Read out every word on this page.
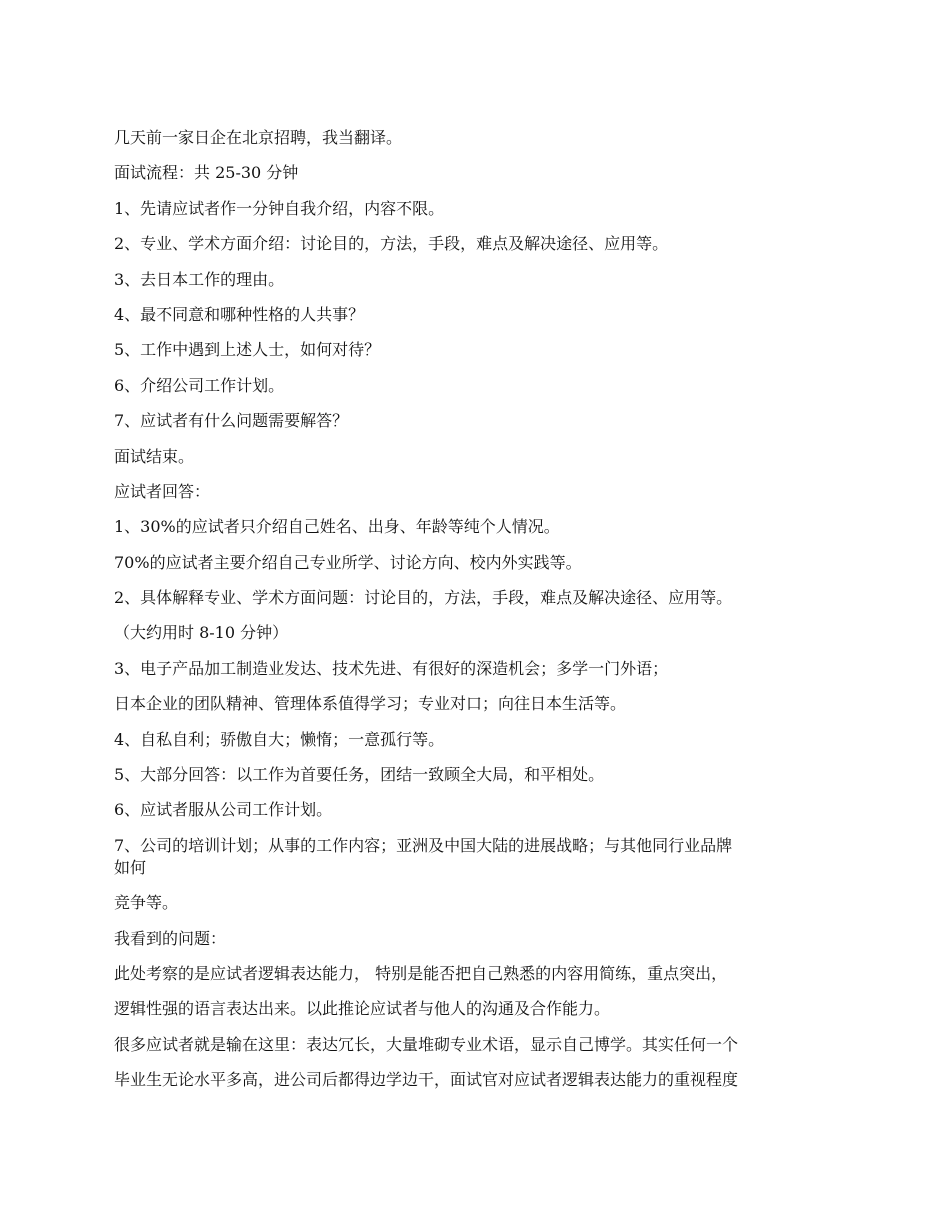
几天前一家日企在北京招聘，我当翻译。

面试流程：共 25-30 分钟

1、先请应试者作一分钟自我介绍，内容不限。

2、专业、学术方面介绍：讨论目的，方法，手段，难点及解决途径、应用等。

3、去日本工作的理由。

4、最不同意和哪种性格的人共事？

5、工作中遇到上述人士，如何对待？

6、介绍公司工作计划。

7、应试者有什么问题需要解答？

面试结束。

应试者回答：

1、30%的应试者只介绍自己姓名、出身、年龄等纯个人情况。

70%的应试者主要介绍自己专业所学、讨论方向、校内外实践等。

2、具体解释专业、学术方面问题：讨论目的，方法，手段，难点及解决途径、应用等。

（大约用时 8-10 分钟）

3、电子产品加工制造业发达、技术先进、有很好的深造机会；多学一门外语；

日本企业的团队精神、管理体系值得学习；专业对口；向往日本生活等。

4、自私自利；骄傲自大；懒惰；一意孤行等。

5、大部分回答：以工作为首要任务，团结一致顾全大局，和平相处。

6、应试者服从公司工作计划。

7、公司的培训计划；从事的工作内容；亚洲及中国大陆的进展战略；与其他同行业品牌

如何

竞争等。

我看到的问题：

此处考察的是应试者逻辑表达能力， 特别是能否把自己熟悉的内容用简练，重点突出，

逻辑性强的语言表达出来。以此推论应试者与他人的沟通及合作能力。

很多应试者就是输在这里：表达冗长，大量堆砌专业术语，显示自己博学。其实任何一个

毕业生无论水平多高，进公司后都得边学边干，面试官对应试者逻辑表达能力的重视程度
